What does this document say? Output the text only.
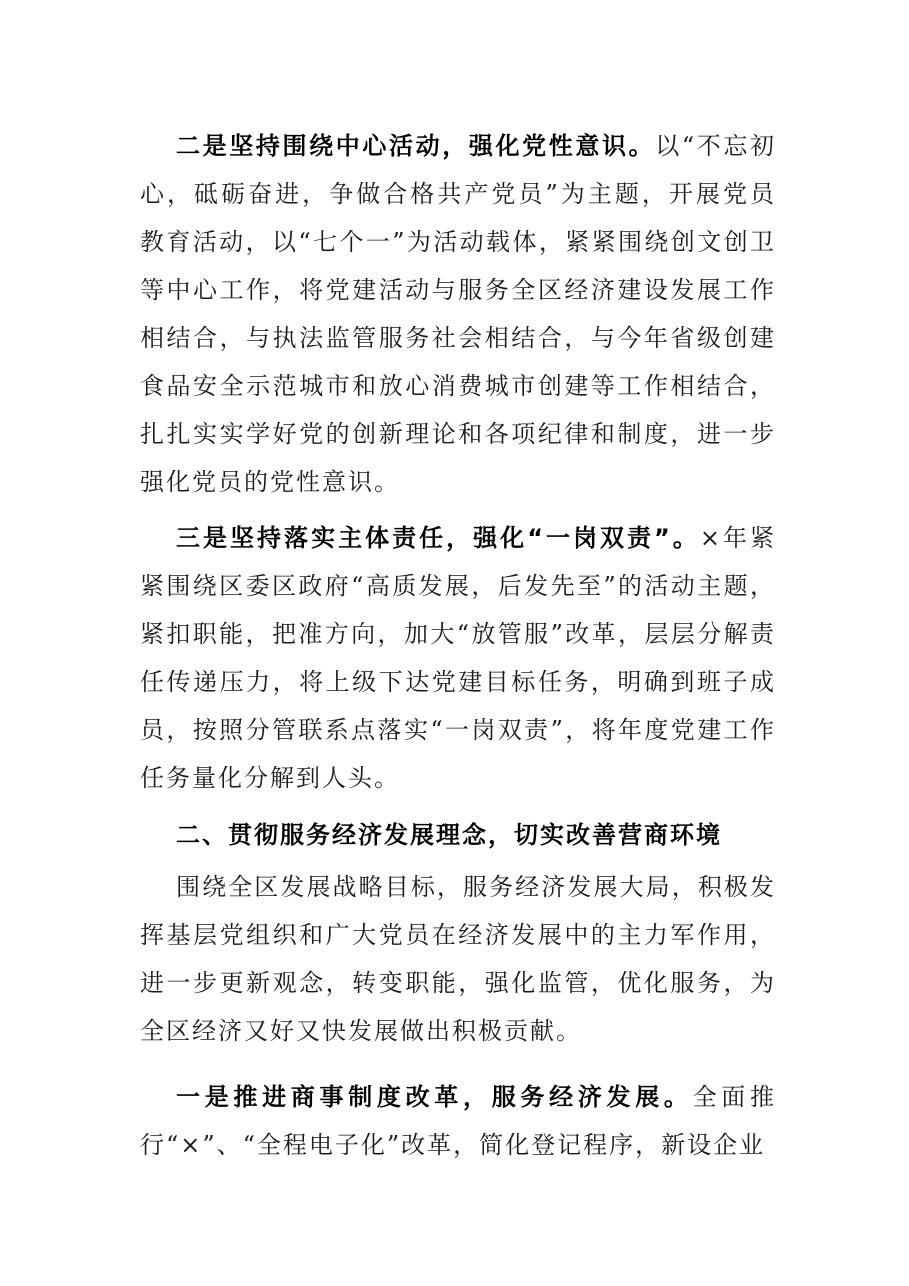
二是坚持围绕中心活动，强化党性意识。以“不忘初心，砥砺奋进，争做合格共产党员”为主题，开展党员教育活动，以“七个一”为活动载体，紧紧围绕创文创卫等中心工作，将党建活动与服务全区经济建设发展工作相结合，与执法监管服务社会相结合，与今年省级创建食品安全示范城市和放心消费城市创建等工作相结合，扎扎实实学好党的创新理论和各项纪律和制度，进一步强化党员的党性意识。

三是坚持落实主体责任，强化“一岗双责”。×年紧紧围绕区委区政府“高质发展，后发先至”的活动主题，紧扣职能，把准方向，加大“放管服”改革，层层分解责任传递压力，将上级下达党建目标任务，明确到班子成员，按照分管联系点落实“一岗双责”，将年度党建工作任务量化分解到人头。

二、贯彻服务经济发展理念，切实改善营商环境

围绕全区发展战略目标，服务经济发展大局，积极发挥基层党组织和广大党员在经济发展中的主力军作用，进一步更新观念，转变职能，强化监管，优化服务，为全区经济又好又快发展做出积极贡献。

一是推进商事制度改革，服务经济发展。全面推行“×”、“全程电子化”改革，简化登记程序，新设企业
